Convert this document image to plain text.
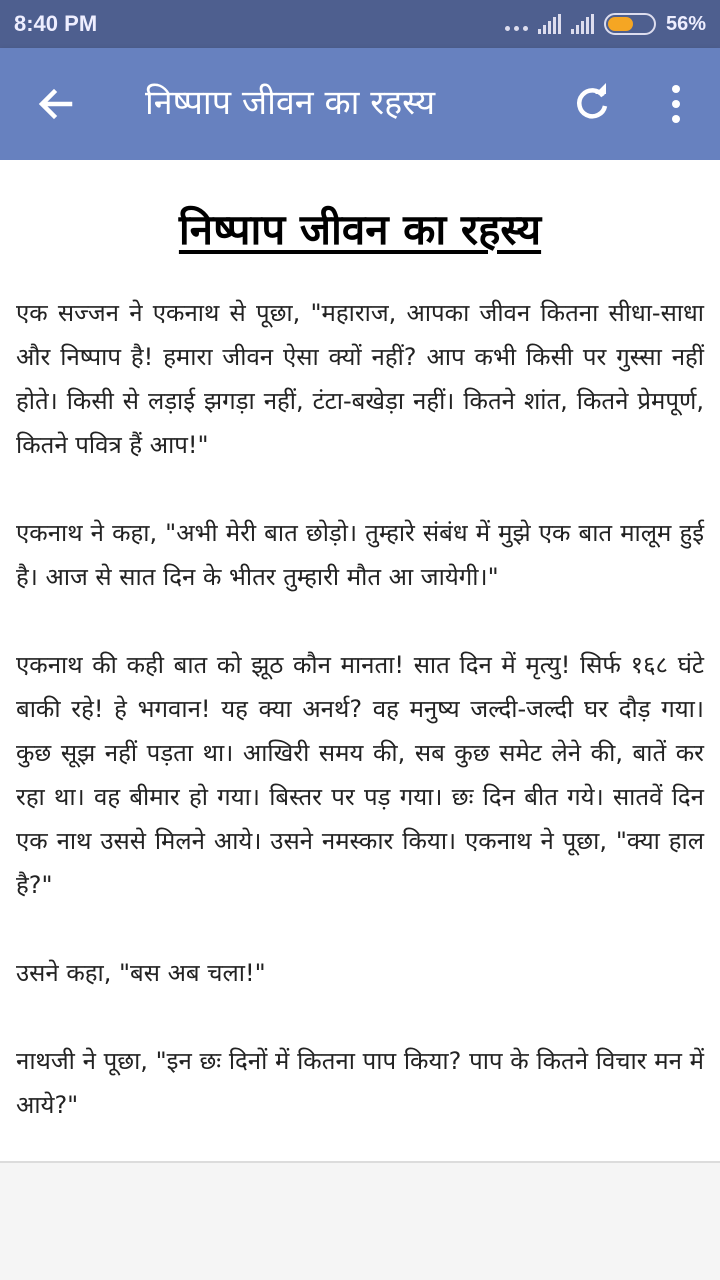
8:40 PM	56%
निष्पाप जीवन का रहस्य
निष्पाप जीवन का रहस्य

एक सज्जन ने एकनाथ से पूछा, "महाराज, आपका जीवन कितना सीधा-साधा और निष्पाप है! हमारा जीवन ऐसा क्यों नहीं? आप कभी किसी पर गुस्सा नहीं होते। किसी से लड़ाई झगड़ा नहीं, टंटा-बखेड़ा नहीं। कितने शांत, कितने प्रेमपूर्ण, कितने पवित्र हैं आप!"

एकनाथ ने कहा, "अभी मेरी बात छोड़ो। तुम्हारे संबंध में मुझे एक बात मालूम हुई है। आज से सात दिन के भीतर तुम्हारी मौत आ जायेगी।"

एकनाथ की कही बात को झूठ कौन मानता! सात दिन में मृत्यु! सिर्फ १६८ घंटे बाकी रहे! हे भगवान! यह क्या अनर्थ? वह मनुष्य जल्दी-जल्दी घर दौड़ गया। कुछ सूझ नहीं पड़ता था। आखिरी समय की, सब कुछ समेट लेने की, बातें कर रहा था। वह बीमार हो गया। बिस्तर पर पड़ गया। छः दिन बीत गये। सातवें दिन एक नाथ उससे मिलने आये। उसने नमस्कार किया। एकनाथ ने पूछा, "क्या हाल है?"

उसने कहा, "बस अब चला!"

नाथजी ने पूछा, "इन छः दिनों में कितना पाप किया? पाप के कितने विचार मन में आये?"
